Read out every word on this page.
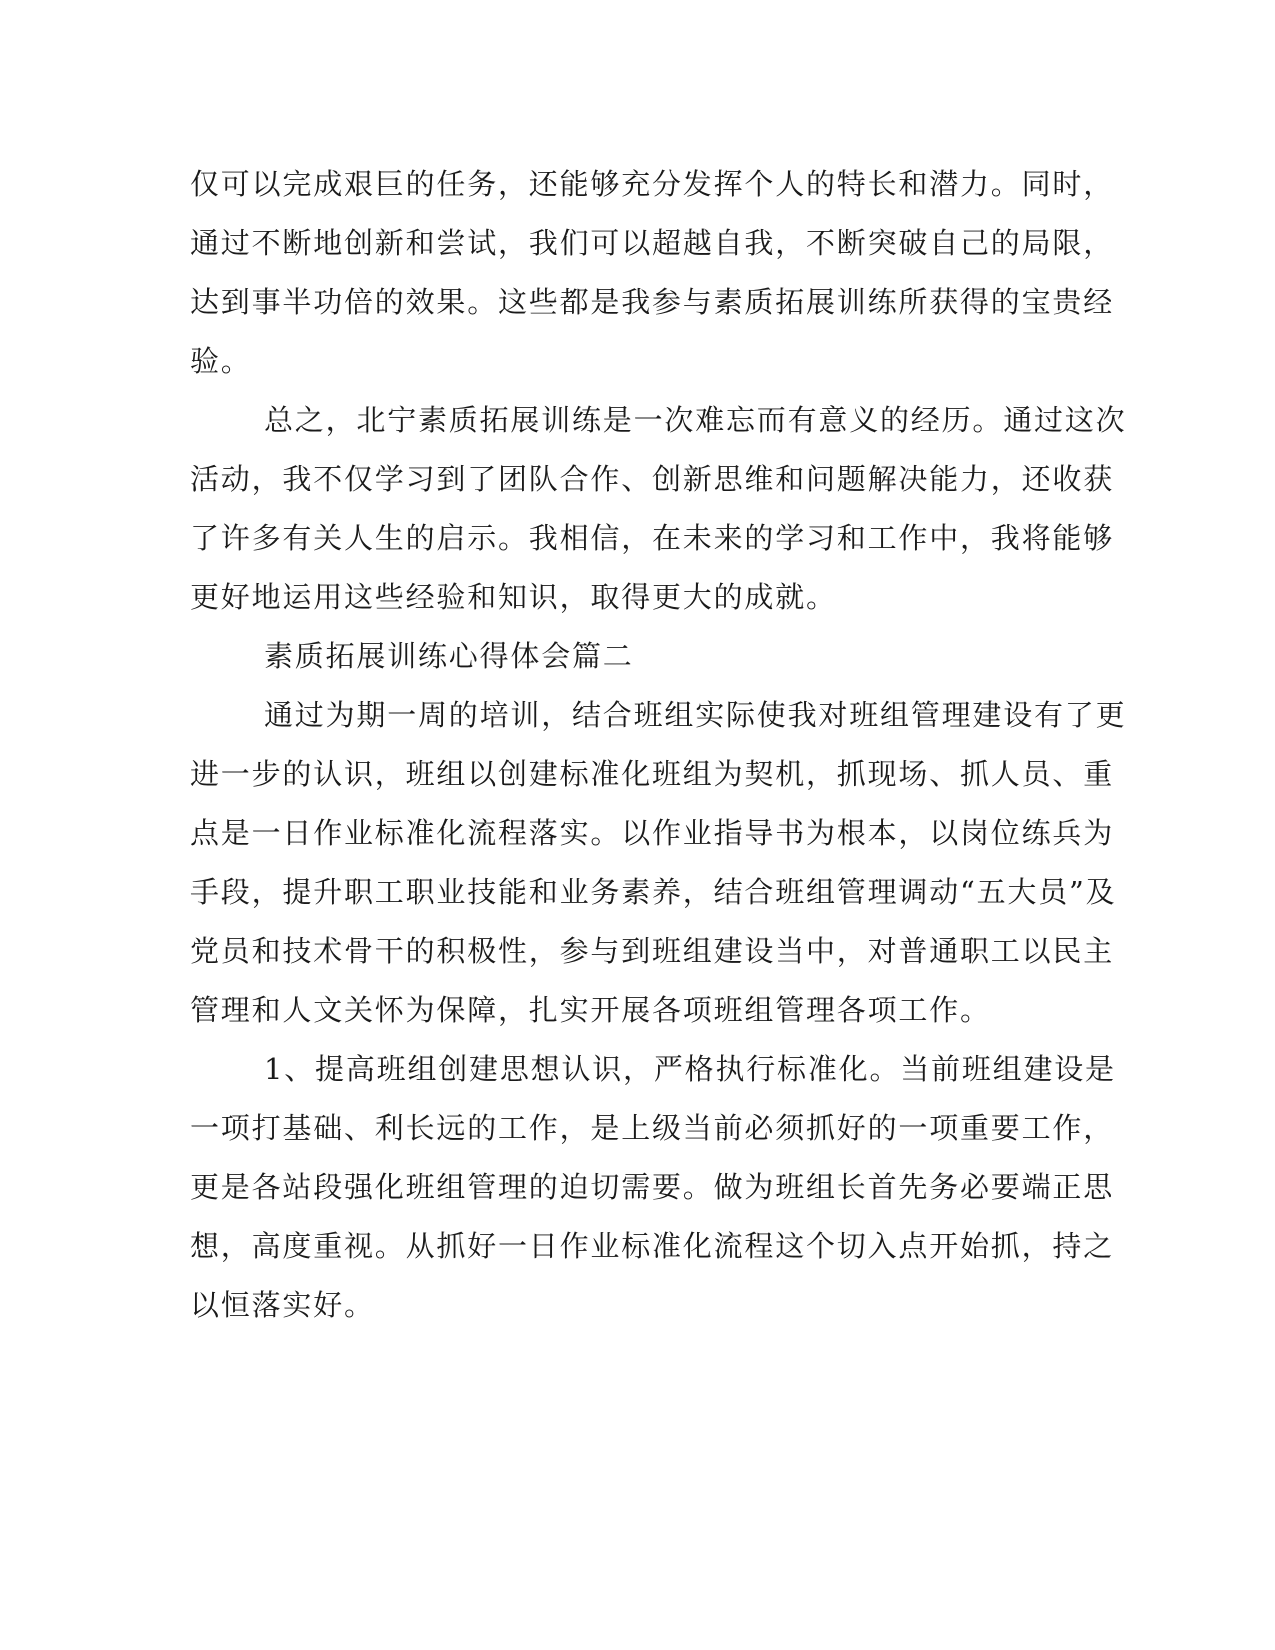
仅可以完成艰巨的任务，还能够充分发挥个人的特长和潜力。同时，

通过不断地创新和尝试，我们可以超越自我，不断突破自己的局限，

达到事半功倍的效果。这些都是我参与素质拓展训练所获得的宝贵经

验。

总之，北宁素质拓展训练是一次难忘而有意义的经历。通过这次

活动，我不仅学习到了团队合作、创新思维和问题解决能力，还收获

了许多有关人生的启示。我相信，在未来的学习和工作中，我将能够

更好地运用这些经验和知识，取得更大的成就。

素质拓展训练心得体会篇二

通过为期一周的培训，结合班组实际使我对班组管理建设有了更

进一步的认识，班组以创建标准化班组为契机，抓现场、抓人员、重

点是一日作业标准化流程落实。以作业指导书为根本，以岗位练兵为

手段，提升职工职业技能和业务素养，结合班组管理调动“五大员”及

党员和技术骨干的积极性，参与到班组建设当中，对普通职工以民主

管理和人文关怀为保障，扎实开展各项班组管理各项工作。

1、提高班组创建思想认识，严格执行标准化。当前班组建设是

一项打基础、利长远的工作，是上级当前必须抓好的一项重要工作，

更是各站段强化班组管理的迫切需要。做为班组长首先务必要端正思

想，高度重视。从抓好一日作业标准化流程这个切入点开始抓，持之

以恒落实好。
